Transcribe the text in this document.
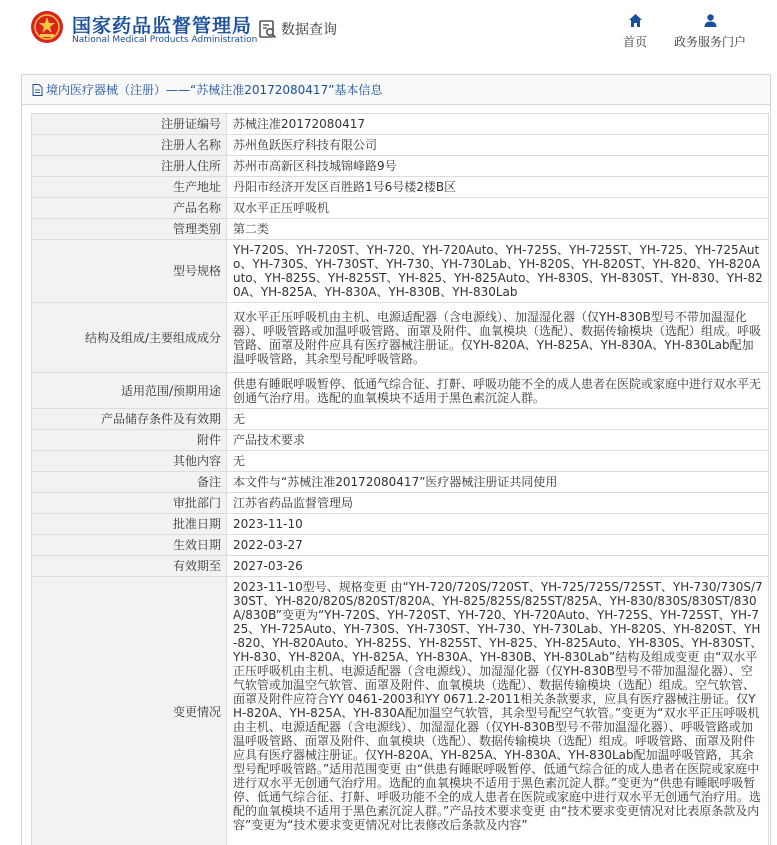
国家药品监督管理局
National Medical Products Administration
数据查询
首页 政务服务门户
境内医疗器械（注册）——“苏械注准20172080417”基本信息
注册证编号	苏械注准20172080417
注册人名称	苏州鱼跃医疗科技有限公司
注册人住所	苏州市高新区科技城锦峰路9号
生产地址	丹阳市经济开发区百胜路1号6号楼2楼B区
产品名称	双水平正压呼吸机
管理类别	第二类
型号规格	YH-720S、YH-720ST、YH-720、YH-720Auto、YH-725S、YH-725ST、YH-725、YH-725Auto、YH-730S、YH-730ST、YH-730、YH-730Lab、YH-820S、YH-820ST、YH-820、YH-820Auto、YH-825S、YH-825ST、YH-825、YH-825Auto、YH-830S、YH-830ST、YH-830、YH-820A、YH-825A、YH-830A、YH-830B、YH-830Lab
结构及组成/主要组成成分	双水平正压呼吸机由主机、电源适配器（含电源线）、加湿湿化器（仅YH-830B型号不带加温湿化器）、呼吸管路或加温呼吸管路、面罩及附件、血氧模块（选配）、数据传输模块（选配）组成。呼吸管路、面罩及附件应具有医疗器械注册证。仅YH-820A、YH-825A、YH-830A、YH-830Lab配加温呼吸管路，其余型号配呼吸管路。
适用范围/预期用途	供患有睡眠呼吸暂停、低通气综合征、打鼾、呼吸功能不全的成人患者在医院或家庭中进行双水平无创通气治疗用。选配的血氧模块不适用于黑色素沉淀人群。
产品储存条件及有效期	无
附件	产品技术要求
其他内容	无
备注	本文件与“苏械注准20172080417”医疗器械注册证共同使用
审批部门	江苏省药品监督管理局
批准日期	2023-11-10
生效日期	2022-03-27
有效期至	2027-03-26
变更情况	2023-11-10型号、规格变更 由“YH-720/720S/720ST、YH-725/725S/725ST、YH-730/730S/730ST、YH-820/820S/820ST/820A、YH-825/825S/825ST/825A、YH-830/830S/830ST/830A/830B”变更为“YH-720S、YH-720ST、YH-720、YH-720Auto、YH-725S、YH-725ST、YH-725、YH-725Auto、YH-730S、YH-730ST、YH-730、YH-730Lab、YH-820S、YH-820ST、YH-820、YH-820Auto、YH-825S、YH-825ST、YH-825、YH-825Auto、YH-830S、YH-830ST、YH-830、YH-820A、YH-825A、YH-830A、YH-830B、YH-830Lab”结构及组成变更 由“双水平正压呼吸机由主机、电源适配器（含电源线）、加湿湿化器（仅YH-830B型号不带加温湿化器）、空气软管或加温空气软管、面罩及附件、血氧模块（选配）、数据传输模块（选配）组成。空气软管、面罩及附件应符合YY 0461-2003和YY 0671.2-2011相关条款要求，应具有医疗器械注册证。仅YH-820A、YH-825A、YH-830A配加温空气软管，其余型号配空气软管。”变更为“双水平正压呼吸机由主机、电源适配器（含电源线）、加湿湿化器（仅YH-830B型号不带加温湿化器）、呼吸管路或加温呼吸管路、面罩及附件、血氧模块（选配）、数据传输模块（选配）组成。呼吸管路、面罩及附件应具有医疗器械注册证。仅YH-820A、YH-825A、YH-830A、YH-830Lab配加温呼吸管路，其余型号配呼吸管路。”适用范围变更 由“供患有睡眠呼吸暂停、低通气综合征的成人患者在医院或家庭中进行双水平无创通气治疗用。选配的血氧模块不适用于黑色素沉淀人群。”变更为“供患有睡眠呼吸暂停、低通气综合征、打鼾、呼吸功能不全的成人患者在医院或家庭中进行双水平无创通气治疗用。选配的血氧模块不适用于黑色素沉淀人群。”产品技术要求变更 由“技术要求变更情况对比表原条款及内容”变更为“技术要求变更情况对比表修改后条款及内容”
